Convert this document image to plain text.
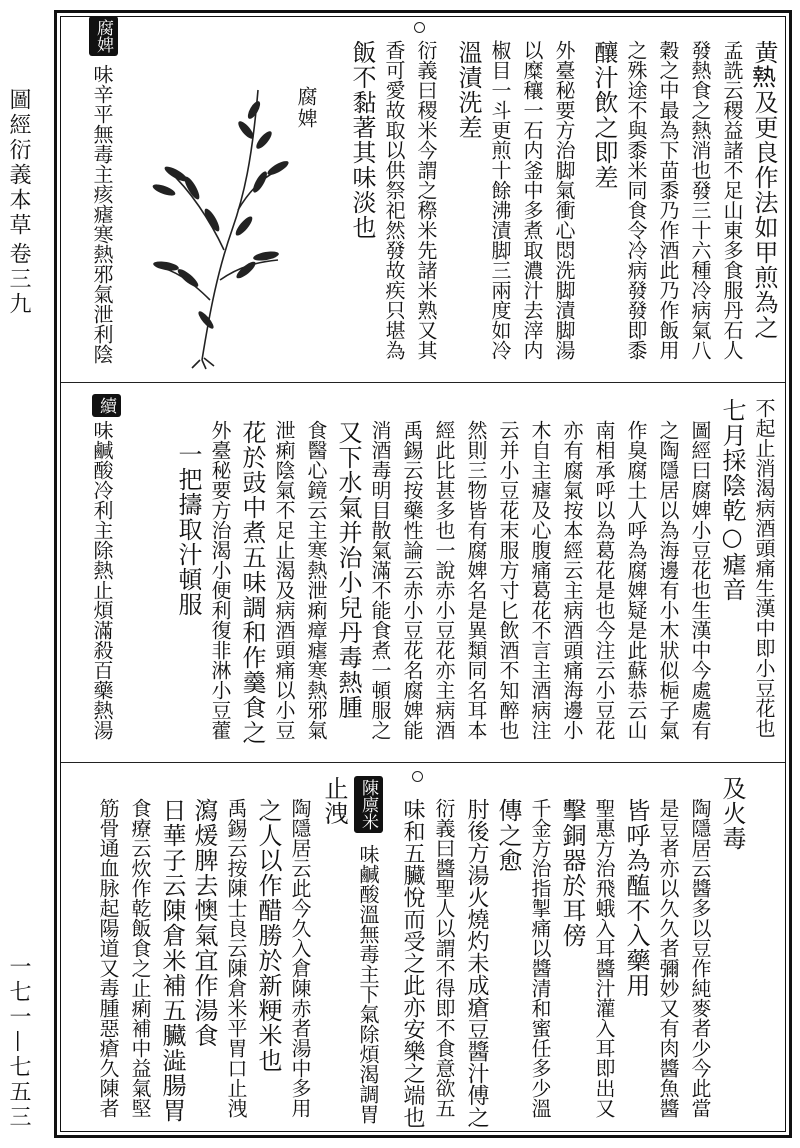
圖經衍義本草
卷三九
一七一—七五三
黄𤍠及更良作法如甲煎為之
孟詵云稷益諸不足山東多食服丹石人
發熱食之熱消也發三十六種冷病氣八
穀之中最為下苗黍乃作酒此乃作飯用
之殊途不與黍米同食令冷病發發即黍
釀汁飲之即差
外臺秘要方治脚氣衝心悶洗脚漬脚湯
以糜穰一石内釜中多煮取濃汁去滓内
椒目一斗更煎十餘沸漬脚三兩度如冷
溫漬洗差
衍義曰稷米今謂之穄米先諸米熟又其
香可愛故取以供祭祀然發故疾只堪為
飯不黏著其味淡也
腐婢
腐婢
味辛平無毒主痎瘧寒熱邪氣泄利陰
不起止消渴病酒頭痛生漢中即小豆花也
七月採陰乾○瘧音
圖經曰腐婢小豆花也生漢中今處處有
之陶隱居以為海邊有小木狀似梔子氣
作臭腐土人呼為腐婢疑是此蘇恭云山
南相承呼以為葛花是也今注云小豆花
亦有腐氣按本經云主病酒頭痛海邊小
木自主瘧及心腹痛葛花不言主酒病注
云并小豆花末服方寸匕飲酒不知醉也
然則三物皆有腐婢名是異類同名耳本
經此比甚多也一說赤小豆花亦主病酒
禹錫云按藥性論云赤小豆花名腐婢能
消酒毒明目散氣滿不能食煮一頓服之
又下水氣并治小兒丹毒熱腫
食醫心鏡云主寒熱泄痢瘴瘧寒熱邪氣
泄痢陰氣不足止渴及病酒頭痛以小豆
花於豉中煮五味調和作羹食之
外臺秘要方治渴小便利復非淋小豆藿
一把擣取汁頓服
續
味鹹酸冷利主除熱止煩滿殺百藥熱湯
及火毒
陶隱居云醬多以豆作純麥者少今此當
是豆者亦以久久者彌妙又有肉醬魚醬
皆呼為醢不入藥用
聖惠方治飛蛾入耳醬汁灌入耳即出又
擊銅器於耳傍
千金方治指掣痛以醬清和蜜任多少溫
傳之愈
肘後方湯火燒灼未成瘡豆醬汁傅之
衍義曰醬聖人以謂不得即不食意欲五
味和五臟悅而受之此亦安樂之端也
陳廪米
味鹹酸溫無毒主下氣除煩渴調胃
止洩
陶隱居云此今久入倉陳赤者湯中多用
之人以作醋勝於新粳米也
禹錫云按陳士良云陳倉米平胃口止洩
瀉煖脾去懊氣宜作湯食
日華子云陳倉米補五臟澁腸胃
食療云炊作乾飯食之止痢補中益氣堅
筋骨通血脉起陽道又毒腫惡瘡久陳者
